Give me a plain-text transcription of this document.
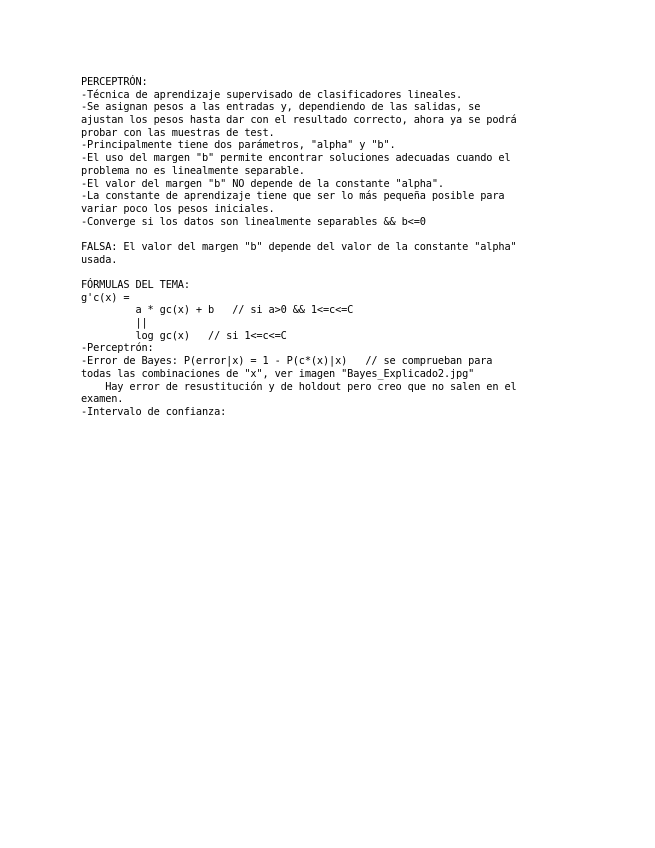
PERCEPTRÓN:
-Técnica de aprendizaje supervisado de clasificadores lineales.
-Se asignan pesos a las entradas y, dependiendo de las salidas, se
ajustan los pesos hasta dar con el resultado correcto, ahora ya se podrá
probar con las muestras de test.
-Principalmente tiene dos parámetros, "alpha" y "b".
-El uso del margen "b" permite encontrar soluciones adecuadas cuando el
problema no es linealmente separable.
-El valor del margen "b" NO depende de la constante "alpha".
-La constante de aprendizaje tiene que ser lo más pequeña posible para
variar poco los pesos iniciales.
-Converge si los datos son linealmente separables && b<=0
FALSA: El valor del margen "b" depende del valor de la constante "alpha"
usada.
FÓRMULAS DEL TEMA:
g'c(x) =
a * gc(x) + b   // si a>0 && 1<=c<=C
||
log gc(x)   // si 1<=c<=C
-Perceptrón:
-Error de Bayes: P(error|x) = 1 - P(c*(x)|x)   // se comprueban para
todas las combinaciones de "x", ver imagen "Bayes_Explicado2.jpg"
Hay error de resustitución y de holdout pero creo que no salen en el
examen.
-Intervalo de confianza:
